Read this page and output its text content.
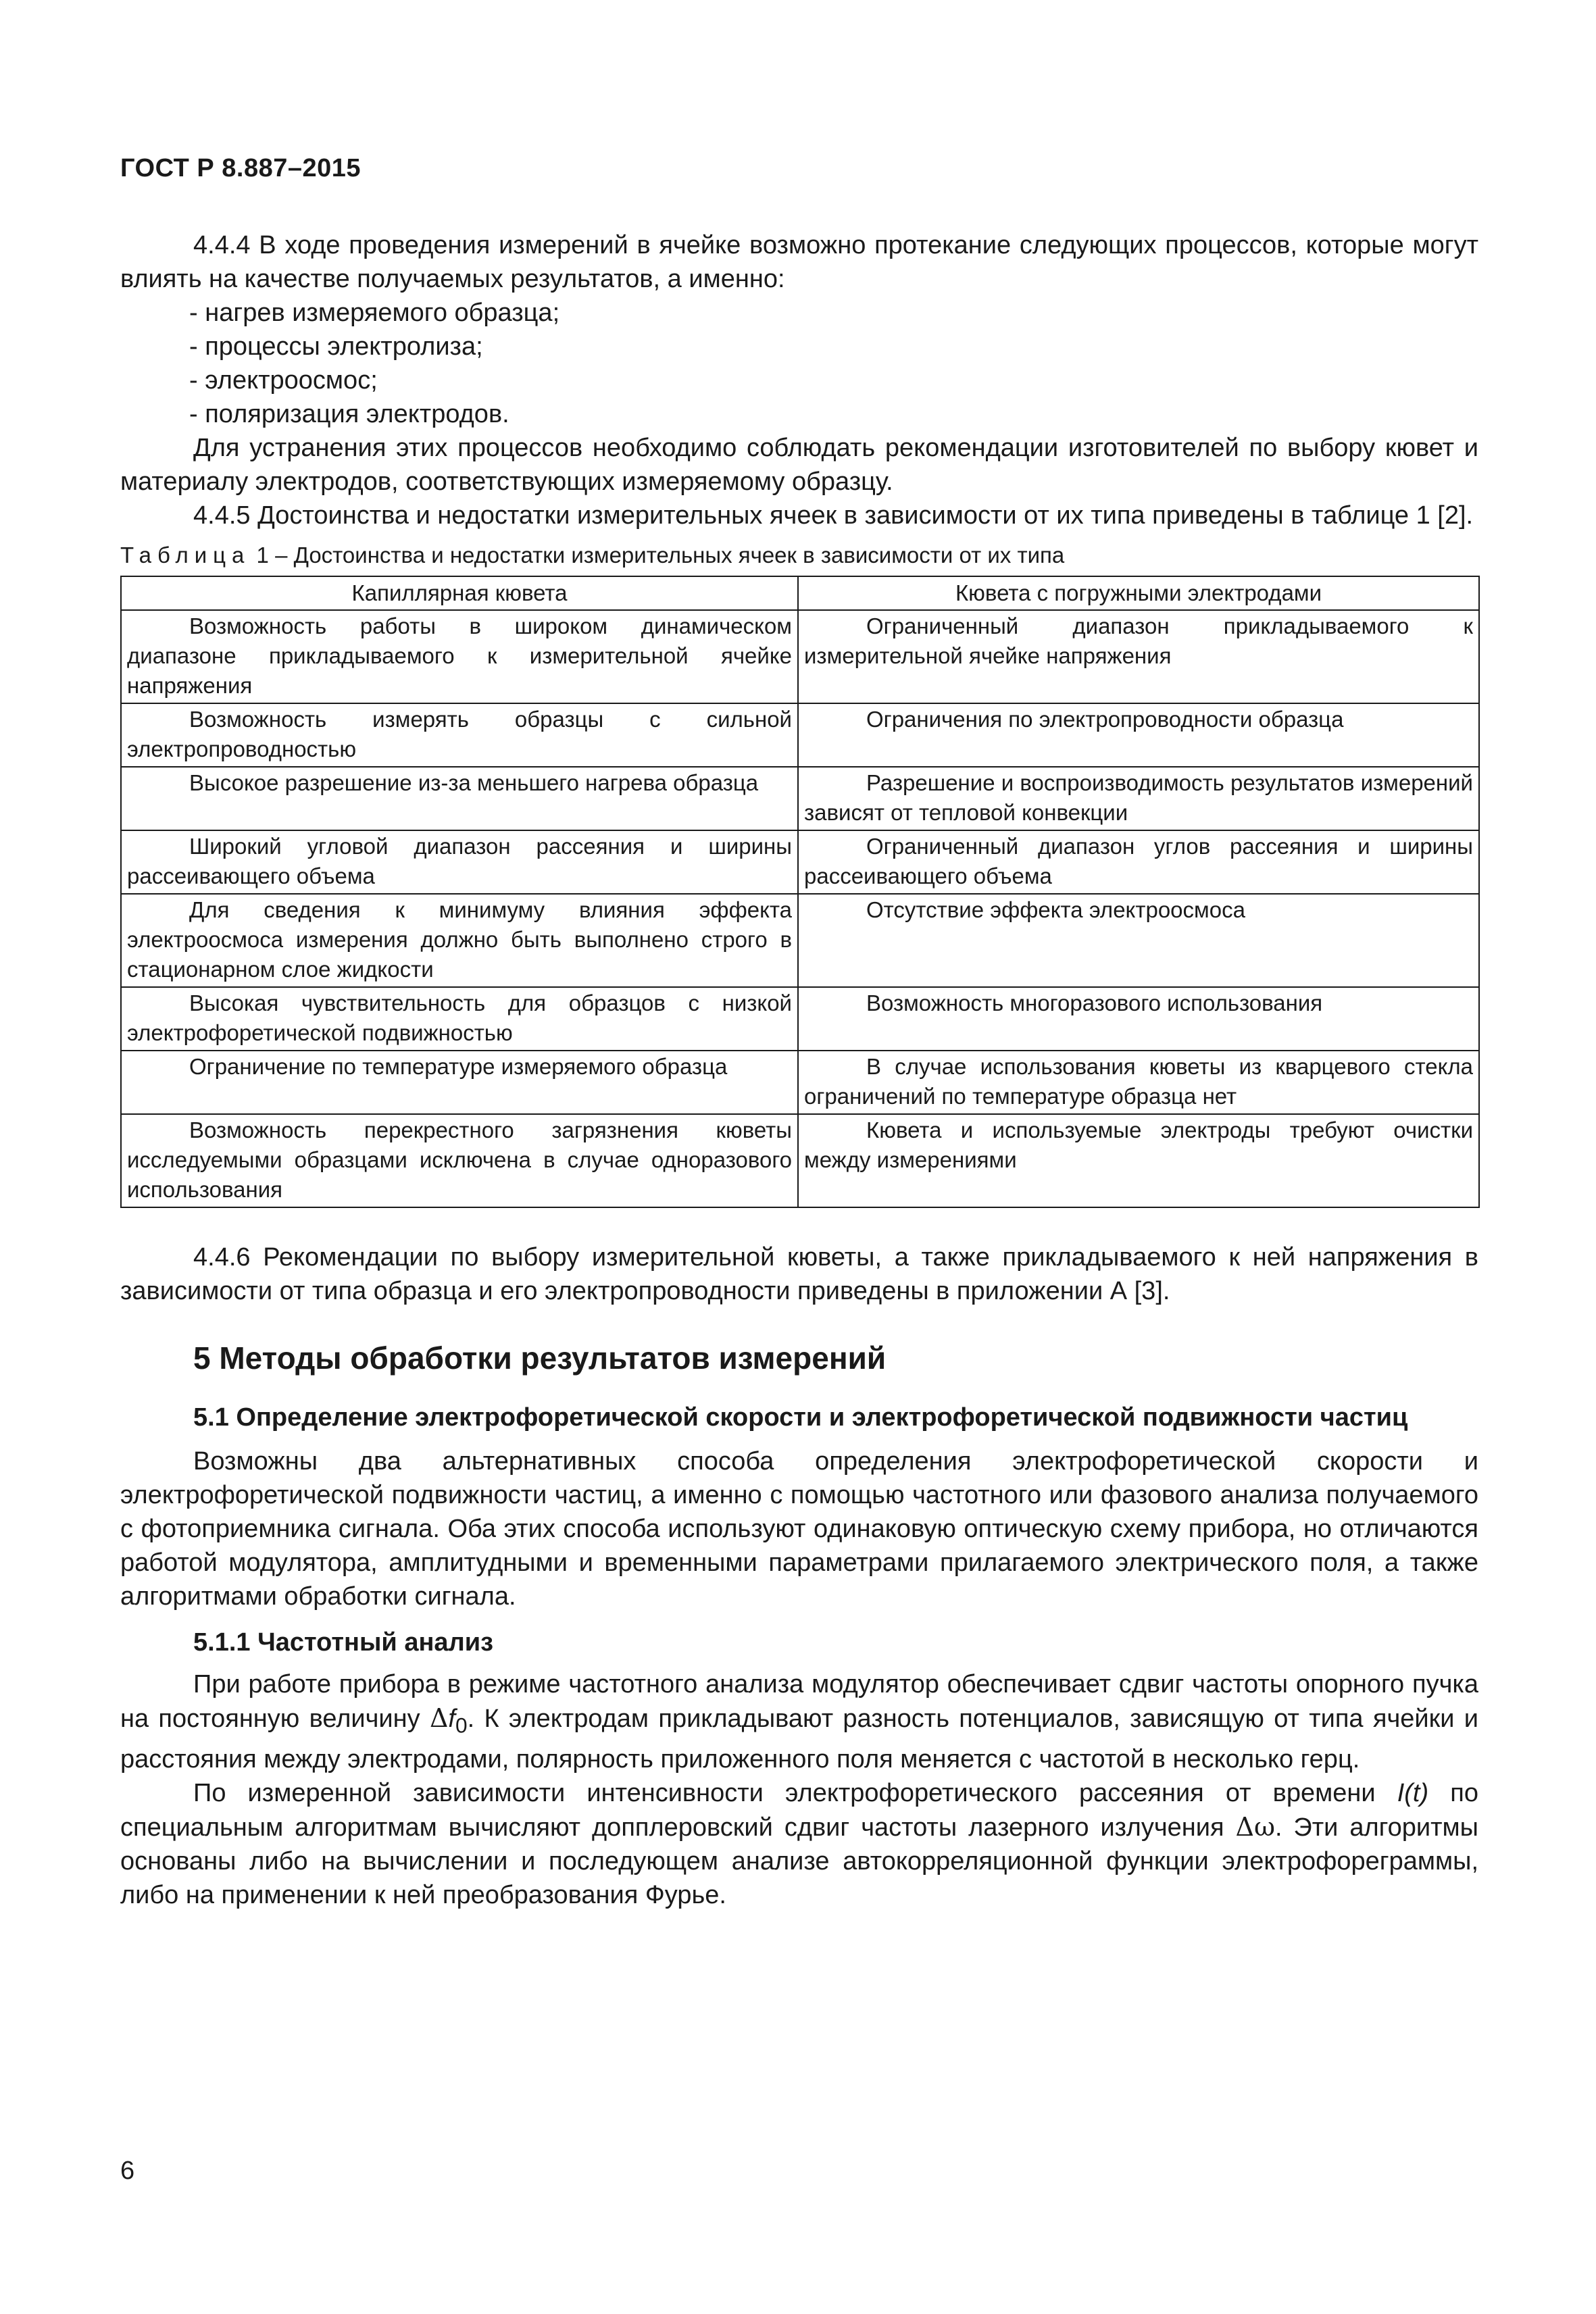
ГОСТ Р 8.887–2015

4.4.4 В ходе проведения измерений в ячейке возможно протекание следующих процессов, которые могут влиять на качестве получаемых результатов, а именно:

- нагрев измеряемого образца;

- процессы электролиза;

- электроосмос;

- поляризация электродов.

Для устранения этих процессов необходимо соблюдать рекомендации изготовителей по выбору кювет и материалу электродов, соответствующих измеряемому образцу.

4.4.5 Достоинства и недостатки измерительных ячеек в зависимости от их типа приведены в таблице 1 [2].

Таблица 1 – Достоинства и недостатки измерительных ячеек в зависимости от их типа
Капиллярная кювета	Кювета с погружными электродами
Возможность работы в широком динамическом диапазоне прикладываемого к измерительной ячейке напряжения	Ограниченный диапазон прикладываемого к измерительной ячейке напряжения
Возможность измерять образцы с сильной электропроводностью	Ограничения по электропроводности образца
Высокое разрешение из-за меньшего нагрева образца	Разрешение и воспроизводимость результатов измерений зависят от тепловой конвекции
Широкий угловой диапазон рассеяния и ширины рассеивающего объема	Ограниченный диапазон углов рассеяния и ширины рассеивающего объема
Для сведения к минимуму влияния эффекта электроосмоса измерения должно быть выполнено строго в стационарном слое жидкости	Отсутствие эффекта электроосмоса
Высокая чувствительность для образцов с низкой электрофоретической подвижностью	Возможность многоразового использования
Ограничение по температуре измеряемого образца	В случае использования кюветы из кварцевого стекла ограничений по температуре образца нет
Возможность перекрестного загрязнения кюветы исследуемыми образцами исключена в случае одноразового использования	Кювета и используемые электроды требуют очистки между измерениями

4.4.6 Рекомендации по выбору измерительной кюветы, а также прикладываемого к ней напряжения в зависимости от типа образца и его электропроводности приведены в приложении А [3].

5 Методы обработки результатов измерений
5.1 Определение электрофоретической скорости и электрофоретической подвижности частиц

Возможны два альтернативных способа определения электрофоретической скорости и электрофоретической подвижности частиц, а именно с помощью частотного или фазового анализа получаемого с фотоприемника сигнала. Оба этих способа используют одинаковую оптическую схему прибора, но отличаются работой модулятора, амплитудными и временными параметрами прилагаемого электрического поля, а также алгоритмами обработки сигнала.

5.1.1 Частотный анализ

При работе прибора в режиме частотного анализа модулятор обеспечивает сдвиг частоты опорного пучка на постоянную величину $\Delta f_0$. К электродам прикладывают разность потенциалов, зависящую от типа ячейки и расстояния между электродами, полярность приложенного поля меняется с частотой в несколько герц.

По измеренной зависимости интенсивности электрофоретического рассеяния от времени I(t) по специальным алгоритмам вычисляют допплеровский сдвиг частоты лазерного излучения Δω. Эти алгоритмы основаны либо на вычислении и последующем анализе автокорреляционной функции электрофореграммы, либо на применении к ней преобразования Фурье.

6
